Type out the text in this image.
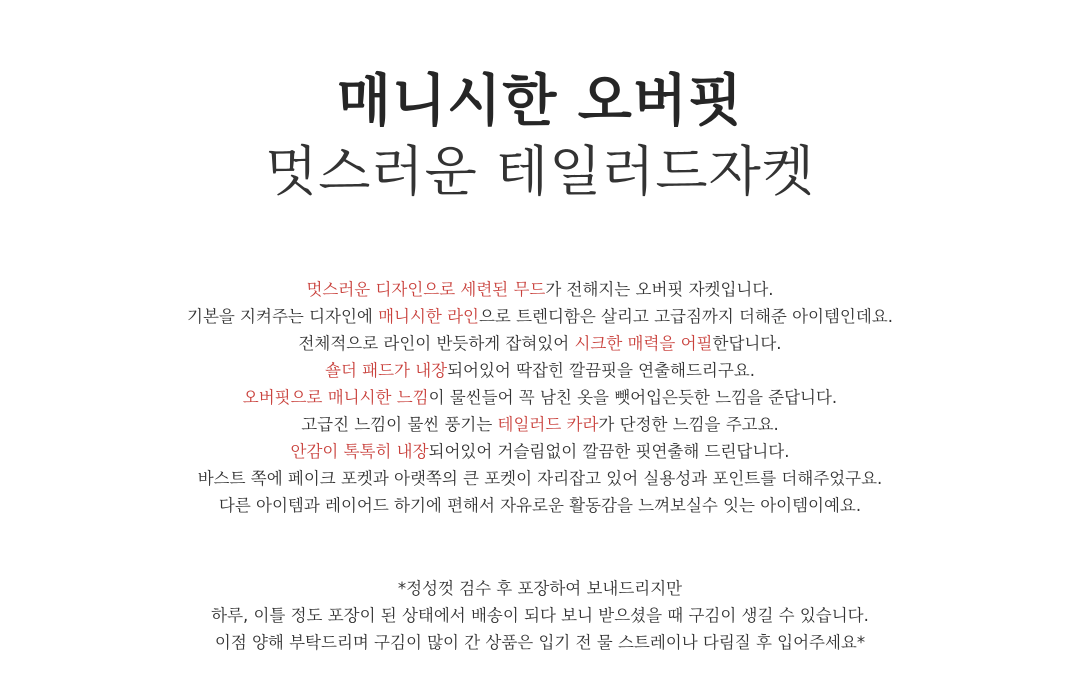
매니시한 오버핏
멋스러운 테일러드자켓
멋스러운 디자인으로 세련된 무드가 전해지는 오버핏 자켓입니다.
기본을 지켜주는 디자인에 매니시한 라인으로 트렌디함은 살리고 고급짐까지 더해준 아이템인데요.
전체적으로 라인이 반듯하게 잡혀있어 시크한 매력을 어필한답니다.
숄더 패드가 내장되어있어 딱잡힌 깔끔핏을 연출해드리구요.
오버핏으로 매니시한 느낌이 물씬들어 꼭 남친 옷을 뺏어입은듯한 느낌을 준답니다.
고급진 느낌이 물씬 풍기는 테일러드 카라가 단정한 느낌을 주고요.
안감이 톡톡히 내장되어있어 거슬림없이 깔끔한 핏연출해 드린답니다.
바스트 쪽에 페이크 포켓과 아랫쪽의 큰 포켓이 자리잡고 있어 실용성과 포인트를 더해주었구요.
다른 아이템과 레이어드 하기에 편해서 자유로운 활동감을 느껴보실수 잇는 아이템이예요.
*정성껏 검수 후 포장하여 보내드리지만
하루, 이틀 정도 포장이 된 상태에서 배송이 되다 보니 받으셨을 때 구김이 생길 수 있습니다.
이점 양해 부탁드리며 구김이 많이 간 상품은 입기 전 물 스트레이나 다림질 후 입어주세요*
